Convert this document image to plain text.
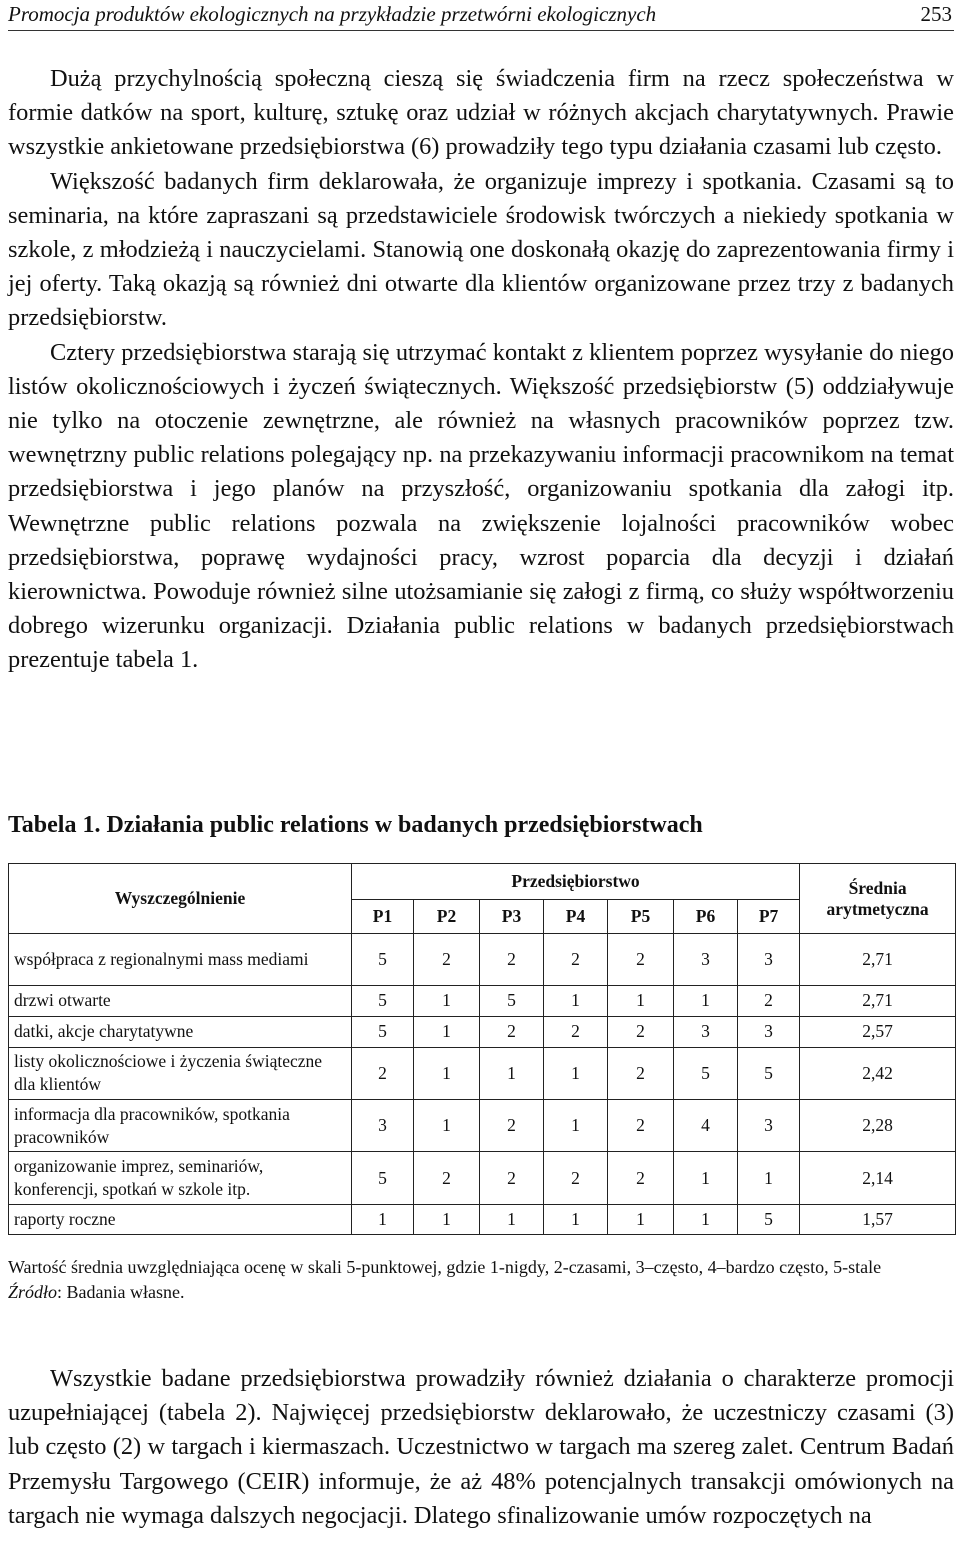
Promocja produktów ekologicznych na przykładzie przetwórni ekologicznych	253

Dużą przychylnością społeczną cieszą się świadczenia firm na rzecz społeczeństwa w formie datków na sport, kulturę, sztukę oraz udział w różnych akcjach charytatywnych. Prawie wszystkie ankietowane przedsiębiorstwa (6) prowadziły tego typu działania czasami lub często.

Większość badanych firm deklarowała, że organizuje imprezy i spotkania. Czasami są to seminaria, na które zapraszani są przedstawiciele środowisk twórczych a niekiedy spotkania w szkole, z młodzieżą i nauczycielami. Stanowią one doskonałą okazję do zaprezentowania firmy i jej oferty. Taką okazją są również dni otwarte dla klientów organizowane przez trzy z badanych przedsiębiorstw.

Cztery przedsiębiorstwa starają się utrzymać kontakt z klientem poprzez wysyłanie do niego listów okolicznościowych i życzeń świątecznych. Większość przedsiębiorstw (5) oddziaływuje nie tylko na otoczenie zewnętrzne, ale również na własnych pracowników poprzez tzw. wewnętrzny public relations polegający np. na przekazywaniu informacji pracownikom na temat przedsiębiorstwa i jego planów na przyszłość, organizowaniu spotkania dla załogi itp. Wewnętrzne public relations pozwala na zwiększenie lojalności pracowników wobec przedsiębiorstwa, poprawę wydajności pracy, wzrost poparcia dla decyzji i działań kierownictwa. Powoduje również silne utożsamianie się załogi z firmą, co służy współtworzeniu dobrego wizerunku organizacji. Działania public relations w badanych przedsiębiorstwach prezentuje tabela 1.

Tabela 1. Działania public relations w badanych przedsiębiorstwach
Wyszczególnienie	Przedsiębiorstwo							Średnia arytmetyczna
	P1	P2	P3	P4	P5	P6	P7	
współpraca z regionalnymi mass mediami	5	2	2	2	2	3	3	2,71
drzwi otwarte	5	1	5	1	1	1	2	2,71
datki, akcje charytatywne	5	1	2	2	2	3	3	2,57
listy okolicznościowe i życzenia świąteczne dla klientów	2	1	1	1	2	5	5	2,42
informacja dla pracowników, spotkania pracowników	3	1	2	1	2	4	3	2,28
organizowanie imprez, seminariów, konferencji, spotkań w szkole itp.	5	2	2	2	2	1	1	2,14
raporty roczne	1	1	1	1	1	1	5	1,57
Wartość średnia uwzględniająca ocenę w skali 5-punktowej, gdzie 1-nigdy, 2-czasami, 3–często, 4–bardzo często, 5-stale
Źródło: Badania własne.

Wszystkie badane przedsiębiorstwa prowadziły również działania o charakterze promocji uzupełniającej (tabela 2). Najwięcej przedsiębiorstw deklarowało, że uczestniczy czasami (3) lub często (2) w targach i kiermaszach. Uczestnictwo w targach ma szereg zalet. Centrum Badań Przemysłu Targowego (CEIR) informuje, że aż 48% potencjalnych transakcji omówionych na targach nie wymaga dalszych negocjacji. Dlatego sfinalizowanie umów rozpoczętych na
